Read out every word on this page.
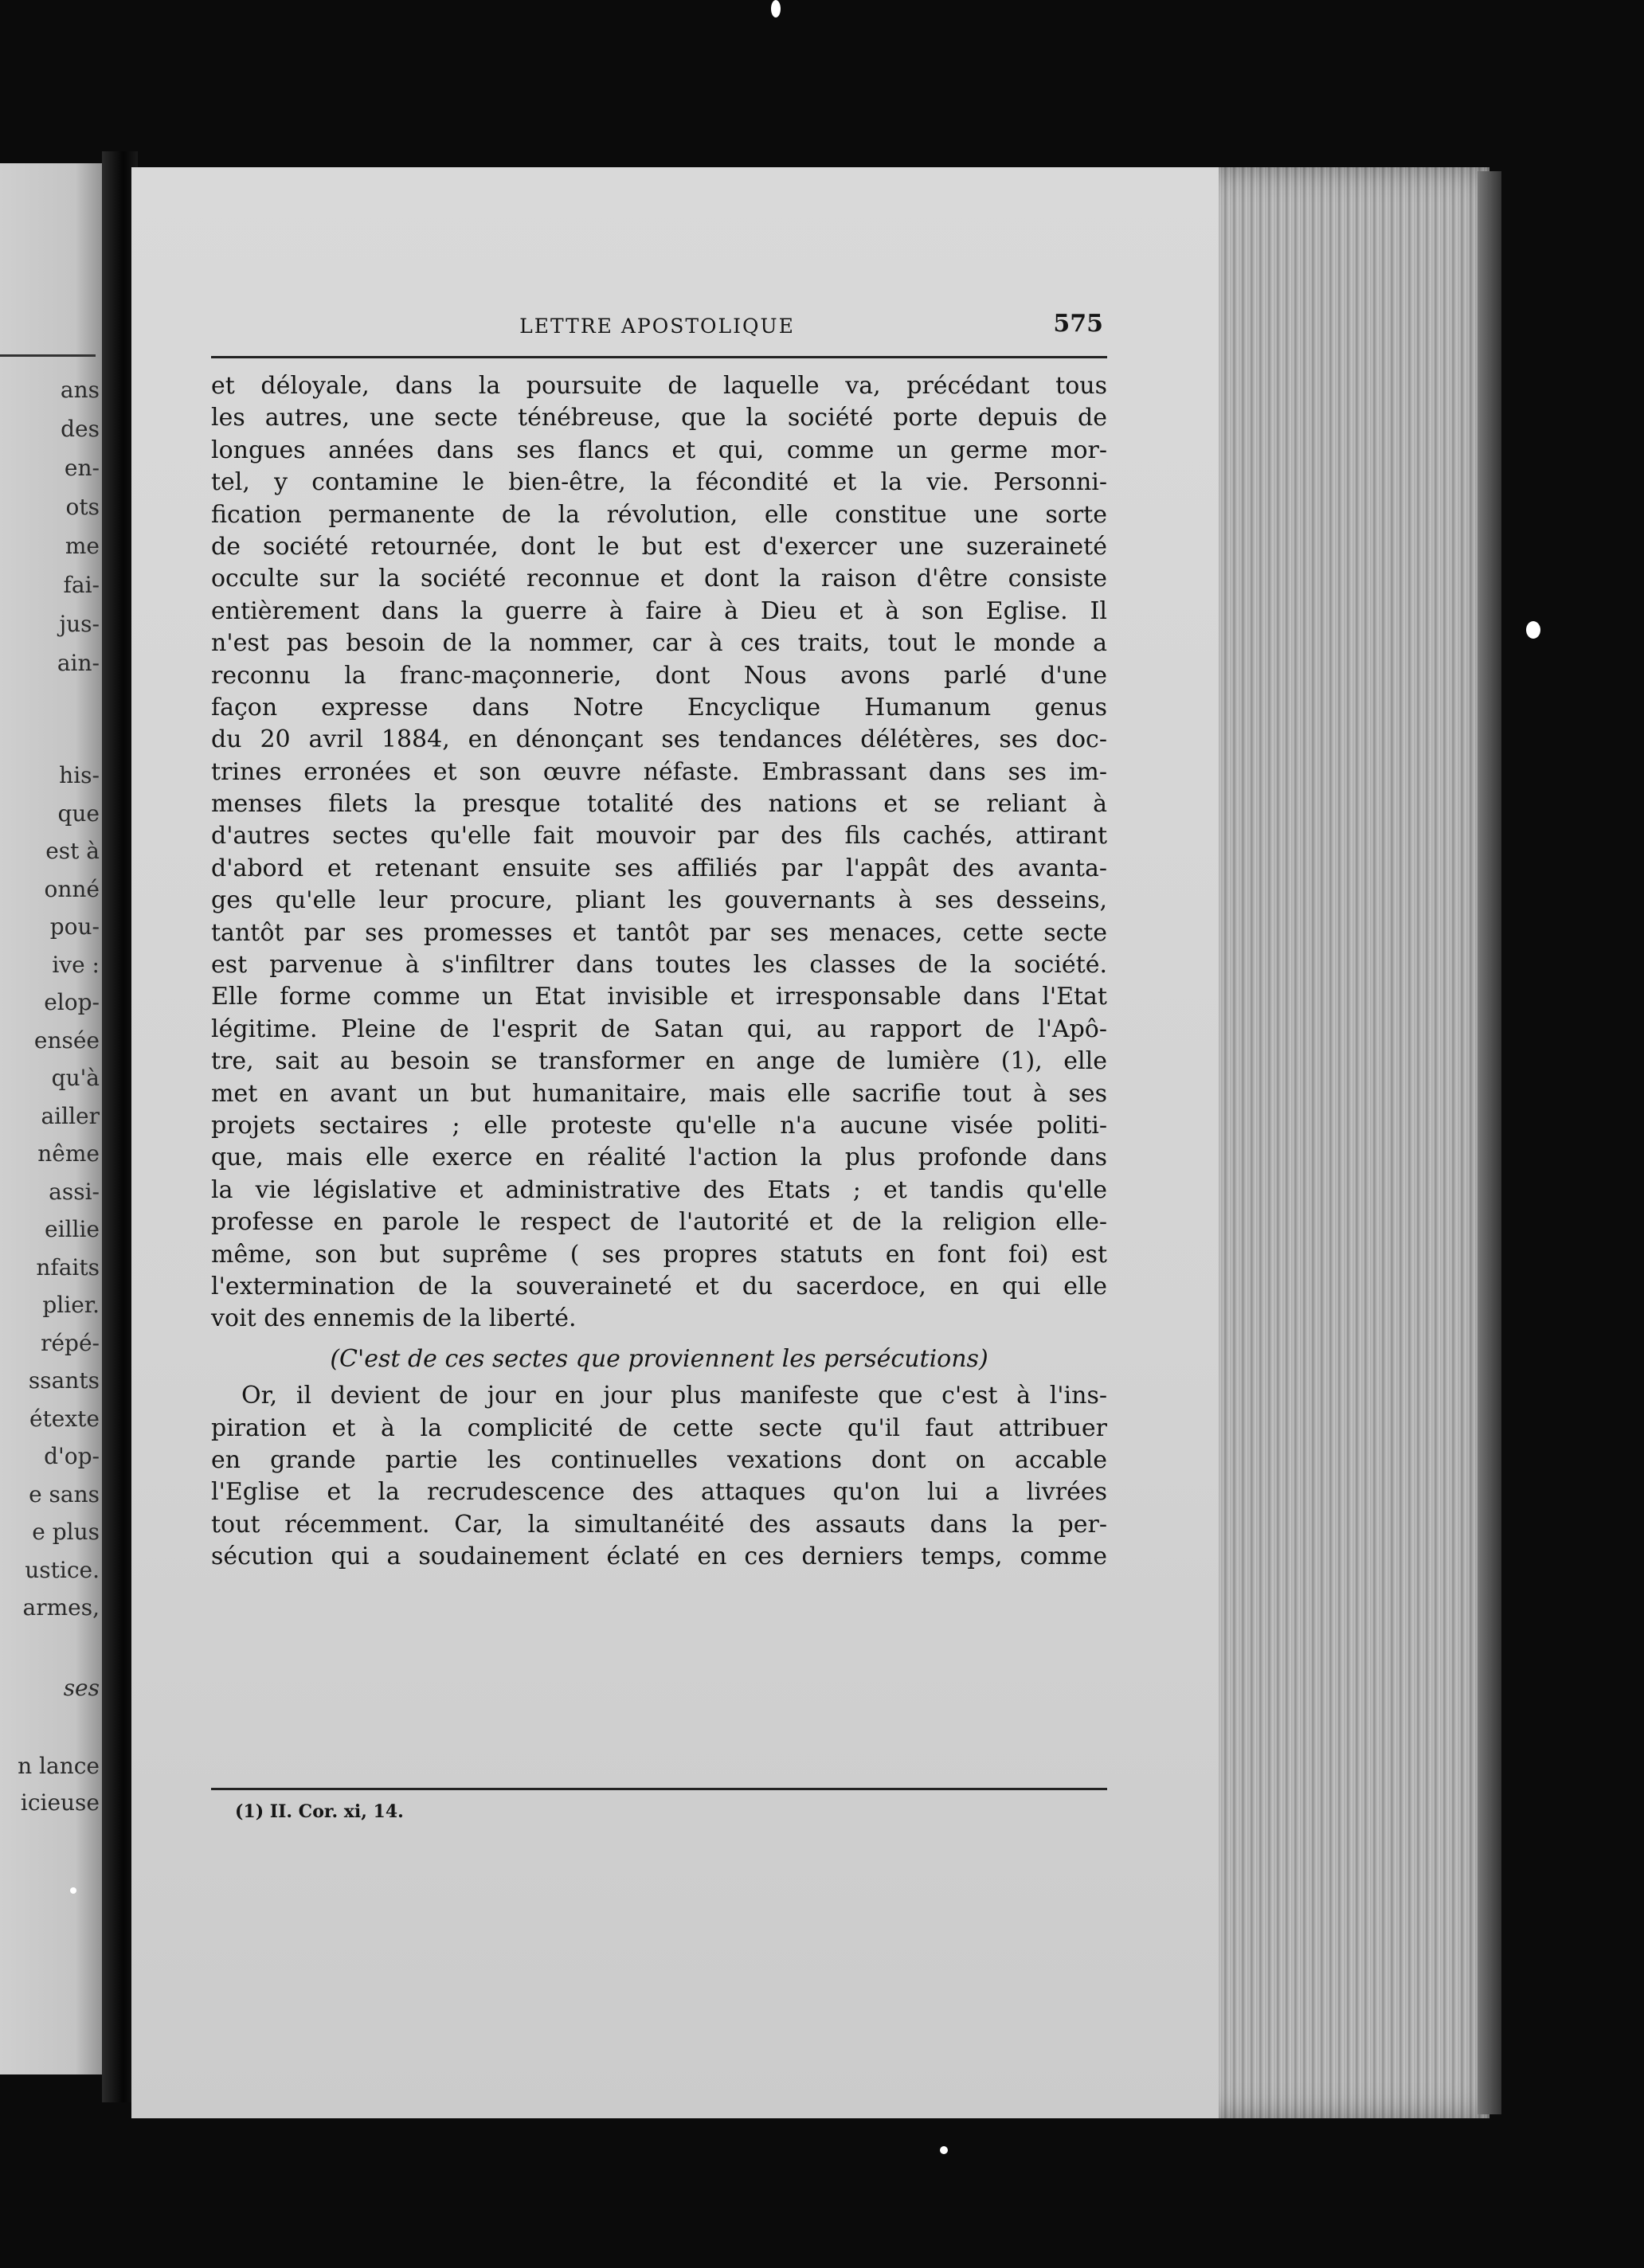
ans
des
en-
ots
me
fai-
jus-
ain-
his-
que
est à
onné
pou-
ive :
elop-
ensée
qu'à
ailler
nême
assi-
eillie
nfaits
plier.
répé-
ssants
étexte
d'op-
e sans
e plus
ustice.
armes,
ses
n lance
icieuse
LETTRE APOSTOLIQUE	575
et déloyale, dans la poursuite de laquelle va, précédant tous
les autres, une secte ténébreuse, que la société porte depuis de
longues années dans ses flancs et qui, comme un germe mor-
tel, y contamine le bien-être, la fécondité et la vie. Personni-
fication permanente de la révolution, elle constitue une sorte
de société retournée, dont le but est d'exercer une suzeraineté
occulte sur la société reconnue et dont la raison d'être consiste
entièrement dans la guerre à faire à Dieu et à son Eglise. Il
n'est pas besoin de la nommer, car à ces traits, tout le monde a
reconnu la franc-maçonnerie, dont Nous avons parlé d'une
façon expresse dans Notre Encyclique Humanum genus
du 20 avril 1884, en dénonçant ses tendances délétères, ses doc-
trines erronées et son œuvre néfaste. Embrassant dans ses im-
menses filets la presque totalité des nations et se reliant à
d'autres sectes qu'elle fait mouvoir par des fils cachés, attirant
d'abord et retenant ensuite ses affiliés par l'appât des avanta-
ges qu'elle leur procure, pliant les gouvernants à ses desseins,
tantôt par ses promesses et tantôt par ses menaces, cette secte
est parvenue à s'infiltrer dans toutes les classes de la société.
Elle forme comme un Etat invisible et irresponsable dans l'Etat
légitime. Pleine de l'esprit de Satan qui, au rapport de l'Apô-
tre, sait au besoin se transformer en ange de lumière (1), elle
met en avant un but humanitaire, mais elle sacrifie tout à ses
projets sectaires ; elle proteste qu'elle n'a aucune visée politi-
que, mais elle exerce en réalité l'action la plus profonde dans
la vie législative et administrative des Etats ; et tandis qu'elle
professe en parole le respect de l'autorité et de la religion elle-
même, son but suprême ( ses propres statuts en font foi) est
l'extermination de la souveraineté et du sacerdoce, en qui elle
voit des ennemis de la liberté.
(C'est de ces sectes que proviennent les persécutions)
Or, il devient de jour en jour plus manifeste que c'est à l'ins-
piration et à la complicité de cette secte qu'il faut attribuer
en grande partie les continuelles vexations dont on accable
l'Eglise et la recrudescence des attaques qu'on lui a livrées
tout récemment. Car, la simultanéité des assauts dans la per-
sécution qui a soudainement éclaté en ces derniers temps, comme
(1) II. Cor. xi, 14.
